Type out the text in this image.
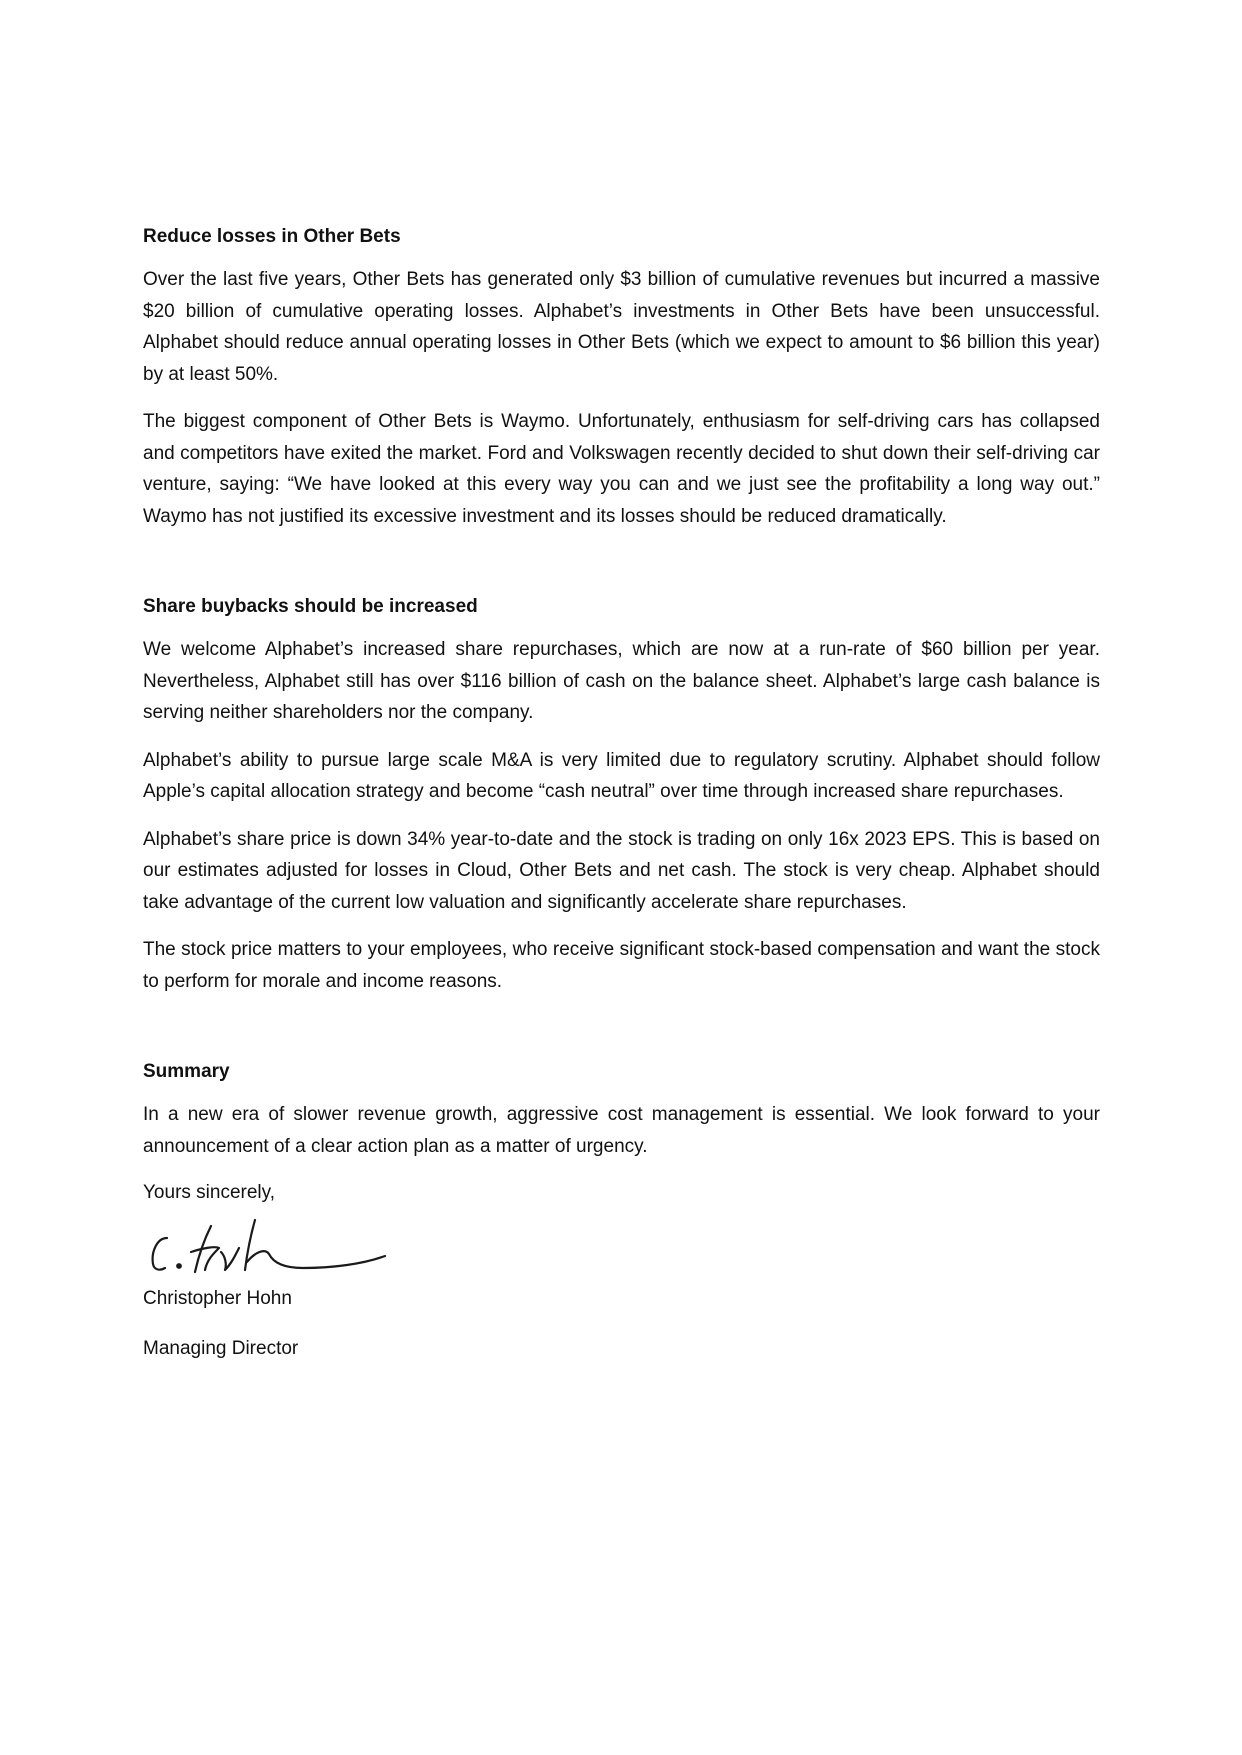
Reduce losses in Other Bets

Over the last five years, Other Bets has generated only $3 billion of cumulative revenues but incurred a massive $20 billion of cumulative operating losses. Alphabet’s investments in Other Bets have been unsuccessful. Alphabet should reduce annual operating losses in Other Bets (which we expect to amount to $6 billion this year) by at least 50%.

The biggest component of Other Bets is Waymo. Unfortunately, enthusiasm for self-driving cars has collapsed and competitors have exited the market. Ford and Volkswagen recently decided to shut down their self-driving car venture, saying: “We have looked at this every way you can and we just see the profitability a long way out.” Waymo has not justified its excessive investment and its losses should be reduced dramatically.

Share buybacks should be increased

We welcome Alphabet’s increased share repurchases, which are now at a run-rate of $60 billion per year. Nevertheless, Alphabet still has over $116 billion of cash on the balance sheet. Alphabet’s large cash balance is serving neither shareholders nor the company.

Alphabet’s ability to pursue large scale M&A is very limited due to regulatory scrutiny. Alphabet should follow Apple’s capital allocation strategy and become “cash neutral” over time through increased share repurchases.

Alphabet’s share price is down 34% year-to-date and the stock is trading on only 16x 2023 EPS. This is based on our estimates adjusted for losses in Cloud, Other Bets and net cash. The stock is very cheap. Alphabet should take advantage of the current low valuation and significantly accelerate share repurchases.

The stock price matters to your employees, who receive significant stock-based compensation and want the stock to perform for morale and income reasons.

Summary

In a new era of slower revenue growth, aggressive cost management is essential. We look forward to your announcement of a clear action plan as a matter of urgency.

Yours sincerely,
Christopher Hohn
Managing Director
